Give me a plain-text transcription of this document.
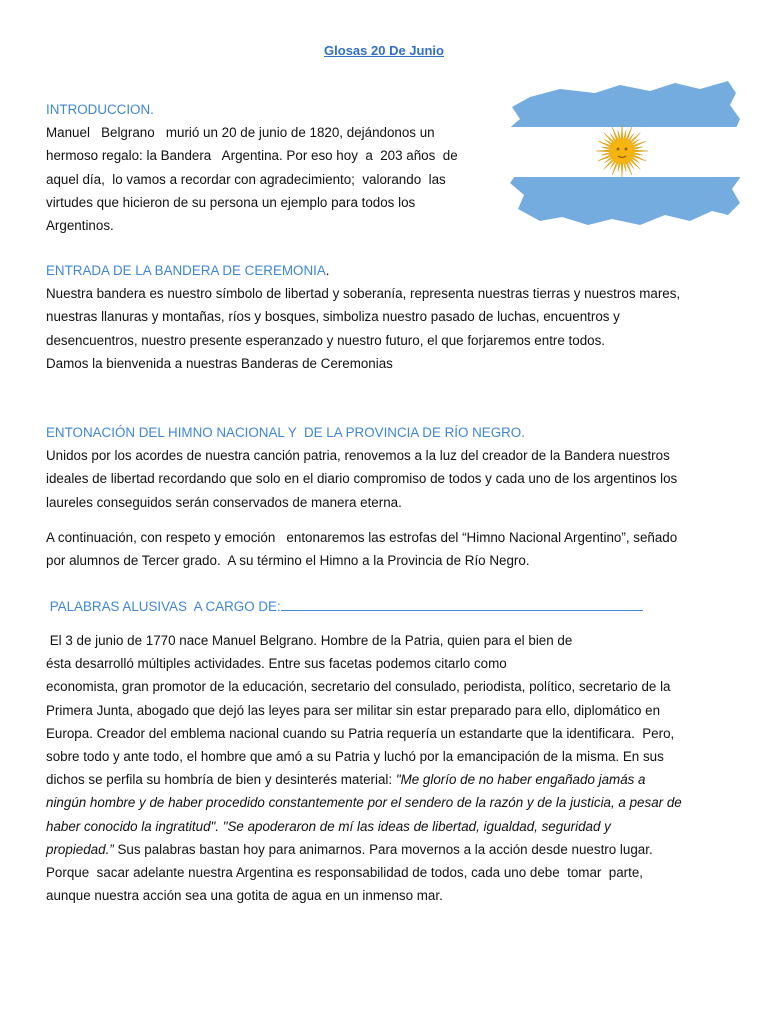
Glosas 20 De Junio
INTRODUCCION.
Manuel   Belgrano   murió un 20 de junio de 1820, dejándonos un
hermoso regalo: la Bandera   Argentina. Por eso hoy  a  203 años  de
aquel día,  lo vamos a recordar con agradecimiento;  valorando  las
virtudes que hicieron de su persona un ejemplo para todos los
Argentinos.
ENTRADA DE LA BANDERA DE CEREMONIA.
Nuestra bandera es nuestro símbolo de libertad y soberanía, representa nuestras tierras y nuestros mares,
nuestras llanuras y montañas, ríos y bosques, simboliza nuestro pasado de luchas, encuentros y
desencuentros, nuestro presente esperanzado y nuestro futuro, el que forjaremos entre todos.
Damos la bienvenida a nuestras Banderas de Ceremonias
ENTONACIÓN DEL HIMNO NACIONAL Y  DE LA PROVINCIA DE RÍO NEGRO.
Unidos por los acordes de nuestra canción patria, renovemos a la luz del creador de la Bandera nuestros
ideales de libertad recordando que solo en el diario compromiso de todos y cada uno de los argentinos los
laureles conseguidos serán conservados de manera eterna.
A continuación, con respeto y emoción   entonaremos las estrofas del “Himno Nacional Argentino”, señado
por alumnos de Tercer grado.  A su término el Himno a la Provincia de Río Negro.
PALABRAS ALUSIVAS  A CARGO DE:
El 3 de junio de 1770 nace Manuel Belgrano. Hombre de la Patria, quien para el bien de
ésta desarrolló múltiples actividades. Entre sus facetas podemos citarlo como
economista, gran promotor de la educación, secretario del consulado, periodista, político, secretario de la
Primera Junta, abogado que dejó las leyes para ser militar sin estar preparado para ello, diplomático en
Europa. Creador del emblema nacional cuando su Patria requería un estandarte que la identificara.  Pero,
sobre todo y ante todo, el hombre que amó a su Patria y luchó por la emancipación de la misma. En sus
dichos se perfila su hombría de bien y desinterés material: "Me glorío de no haber engañado jamás a
ningún hombre y de haber procedido constantemente por el sendero de la razón y de la justicia, a pesar de
haber conocido la ingratitud". "Se apoderaron de mí las ideas de libertad, igualdad, seguridad y
propiedad.” Sus palabras bastan hoy para animarnos. Para movernos a la acción desde nuestro lugar.
Porque  sacar adelante nuestra Argentina es responsabilidad de todos, cada uno debe  tomar  parte,
aunque nuestra acción sea una gotita de agua en un inmenso mar.
